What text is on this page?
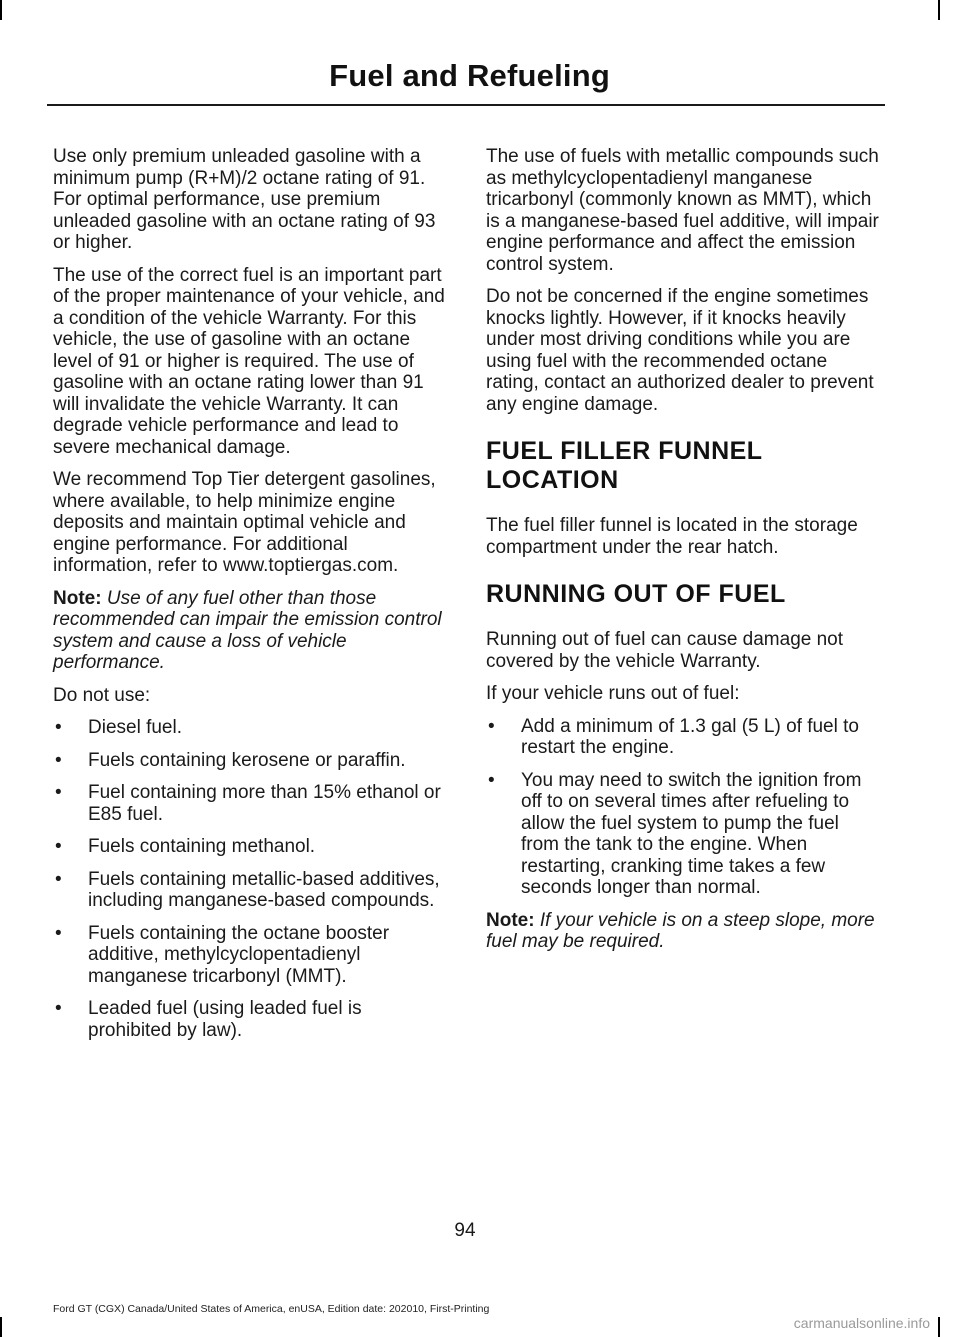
Fuel and Refueling

Use only premium unleaded gasoline with a minimum pump (R+M)/2 octane rating of 91. For optimal performance, use premium unleaded gasoline with an octane rating of 93 or higher.

The use of the correct fuel is an important part of the proper maintenance of your vehicle, and a condition of the vehicle Warranty. For this vehicle, the use of gasoline with an octane level of 91 or higher is required. The use of gasoline with an octane rating lower than 91 will invalidate the vehicle Warranty. It can degrade vehicle performance and lead to severe mechanical damage.

We recommend Top Tier detergent gasolines, where available, to help minimize engine deposits and maintain optimal vehicle and engine performance. For additional information, refer to www.toptiergas.com.

Note: Use of any fuel other than those recommended can impair the emission control system and cause a loss of vehicle performance.

Do not use:

• Diesel fuel.
• Fuels containing kerosene or paraffin.
• Fuel containing more than 15% ethanol or E85 fuel.
• Fuels containing methanol.
• Fuels containing metallic-based additives, including manganese-based compounds.
• Fuels containing the octane booster additive, methylcyclopentadienyl manganese tricarbonyl (MMT).
• Leaded fuel (using leaded fuel is prohibited by law).

The use of fuels with metallic compounds such as methylcyclopentadienyl manganese tricarbonyl (commonly known as MMT), which is a manganese-based fuel additive, will impair engine performance and affect the emission control system.

Do not be concerned if the engine sometimes knocks lightly. However, if it knocks heavily under most driving conditions while you are using fuel with the recommended octane rating, contact an authorized dealer to prevent any engine damage.

FUEL FILLER FUNNEL LOCATION

The fuel filler funnel is located in the storage compartment under the rear hatch.

RUNNING OUT OF FUEL

Running out of fuel can cause damage not covered by the vehicle Warranty.

If your vehicle runs out of fuel:

• Add a minimum of 1.3 gal (5 L) of fuel to restart the engine.
• You may need to switch the ignition from off to on several times after refueling to allow the fuel system to pump the fuel from the tank to the engine. When restarting, cranking time takes a few seconds longer than normal.

Note: If your vehicle is on a steep slope, more fuel may be required.

94
Ford GT (CGX) Canada/United States of America, enUSA, Edition date: 202010, First-Printing
carmanualsonline.info
